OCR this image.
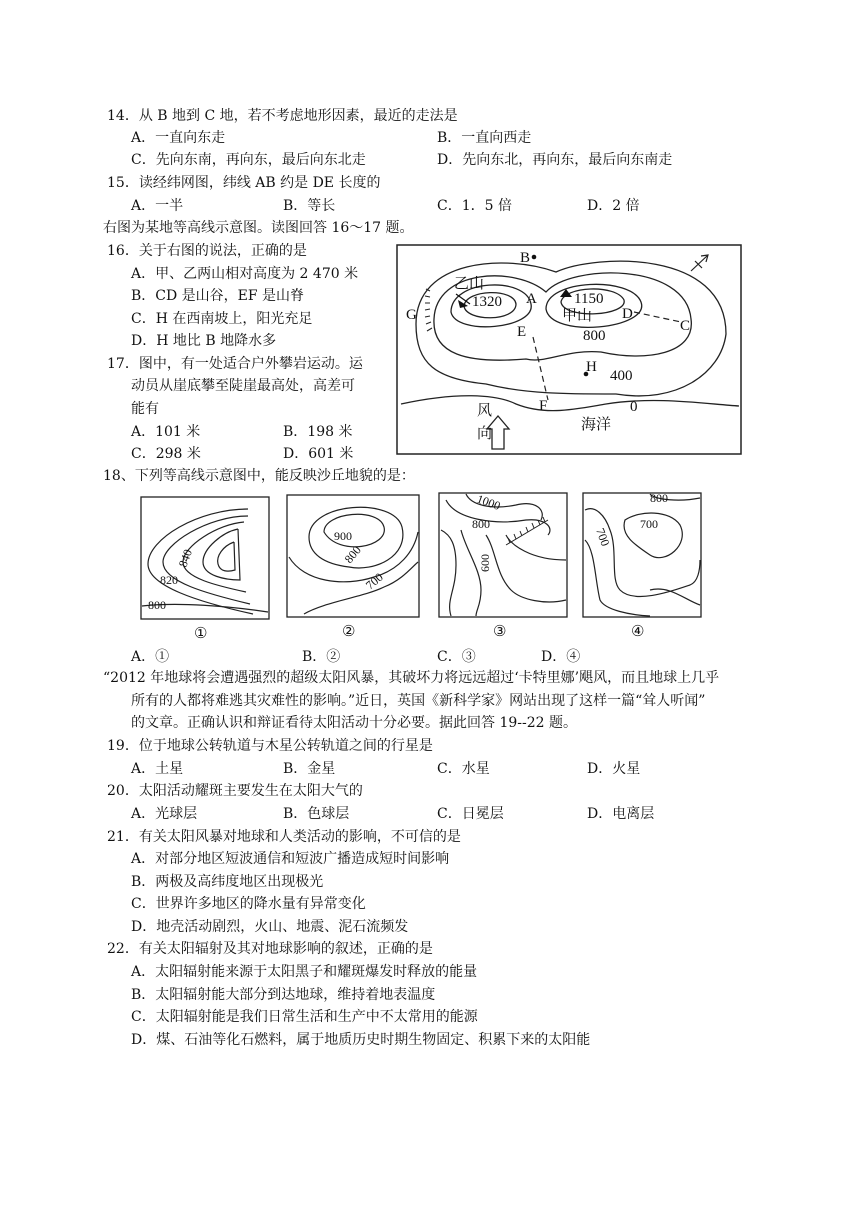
14．从 B 地到 C 地，若不考虑地形因素，最近的走法是
A．一直向东走	B．一直向西走
C．先向东南，再向东，最后向东北走	D．先向东北，再向东，最后向东南走
15．读经纬网图，纬线 AB 约是 DE 长度的
A．一半	B．等长	C．1．5 倍	D．2 倍
右图为某地等高线示意图。读图回答 16～17 题。
16．关于右图的说法，正确的是
A．甲、乙两山相对高度为 2 470 米
B．CD 是山谷，EF 是山脊
C．H 在西南坡上，阳光充足
D．H 地比 B 地降水多
17．图中，有一处适合户外攀岩运动。运
动员从崖底攀至陡崖最高处，高差可
能有
A．101 米	B．198 米
C．298 米	D．601 米
B
乙山
1320 A 1150
甲山 D
C
G
E	800
H
400
F	0
风
向	海洋
18、下列等高线示意图中，能反映沙丘地貌的是：
840
820
800
①
900
800
700
②
1000
800
600
③
800
700
700
④
A．①	B．②	C．③	D．④
“2012 年地球将会遭遇强烈的超级太阳风暴，其破坏力将远远超过‘卡特里娜’飓风，而且地球上几乎
所有的人都将难逃其灾难性的影响。”近日，英国《新科学家》网站出现了这样一篇“耸人听闻”
的文章。正确认识和辩证看待太阳活动十分必要。据此回答 19--22 题。
19．位于地球公转轨道与木星公转轨道之间的行星是
A．土星	B．金星	C．水星	D．火星
20．太阳活动耀斑主要发生在太阳大气的
A．光球层	B．色球层	C．日冕层	D．电离层
21．有关太阳风暴对地球和人类活动的影响，不可信的是
A．对部分地区短波通信和短波广播造成短时间影响
B．两极及高纬度地区出现极光
C．世界许多地区的降水量有异常变化
D．地壳活动剧烈，火山、地震、泥石流频发
22．有关太阳辐射及其对地球影响的叙述，正确的是
A．太阳辐射能来源于太阳黑子和耀斑爆发时释放的能量
B．太阳辐射能大部分到达地球，维持着地表温度
C．太阳辐射能是我们日常生活和生产中不太常用的能源
D．煤、石油等化石燃料，属于地质历史时期生物固定、积累下来的太阳能
